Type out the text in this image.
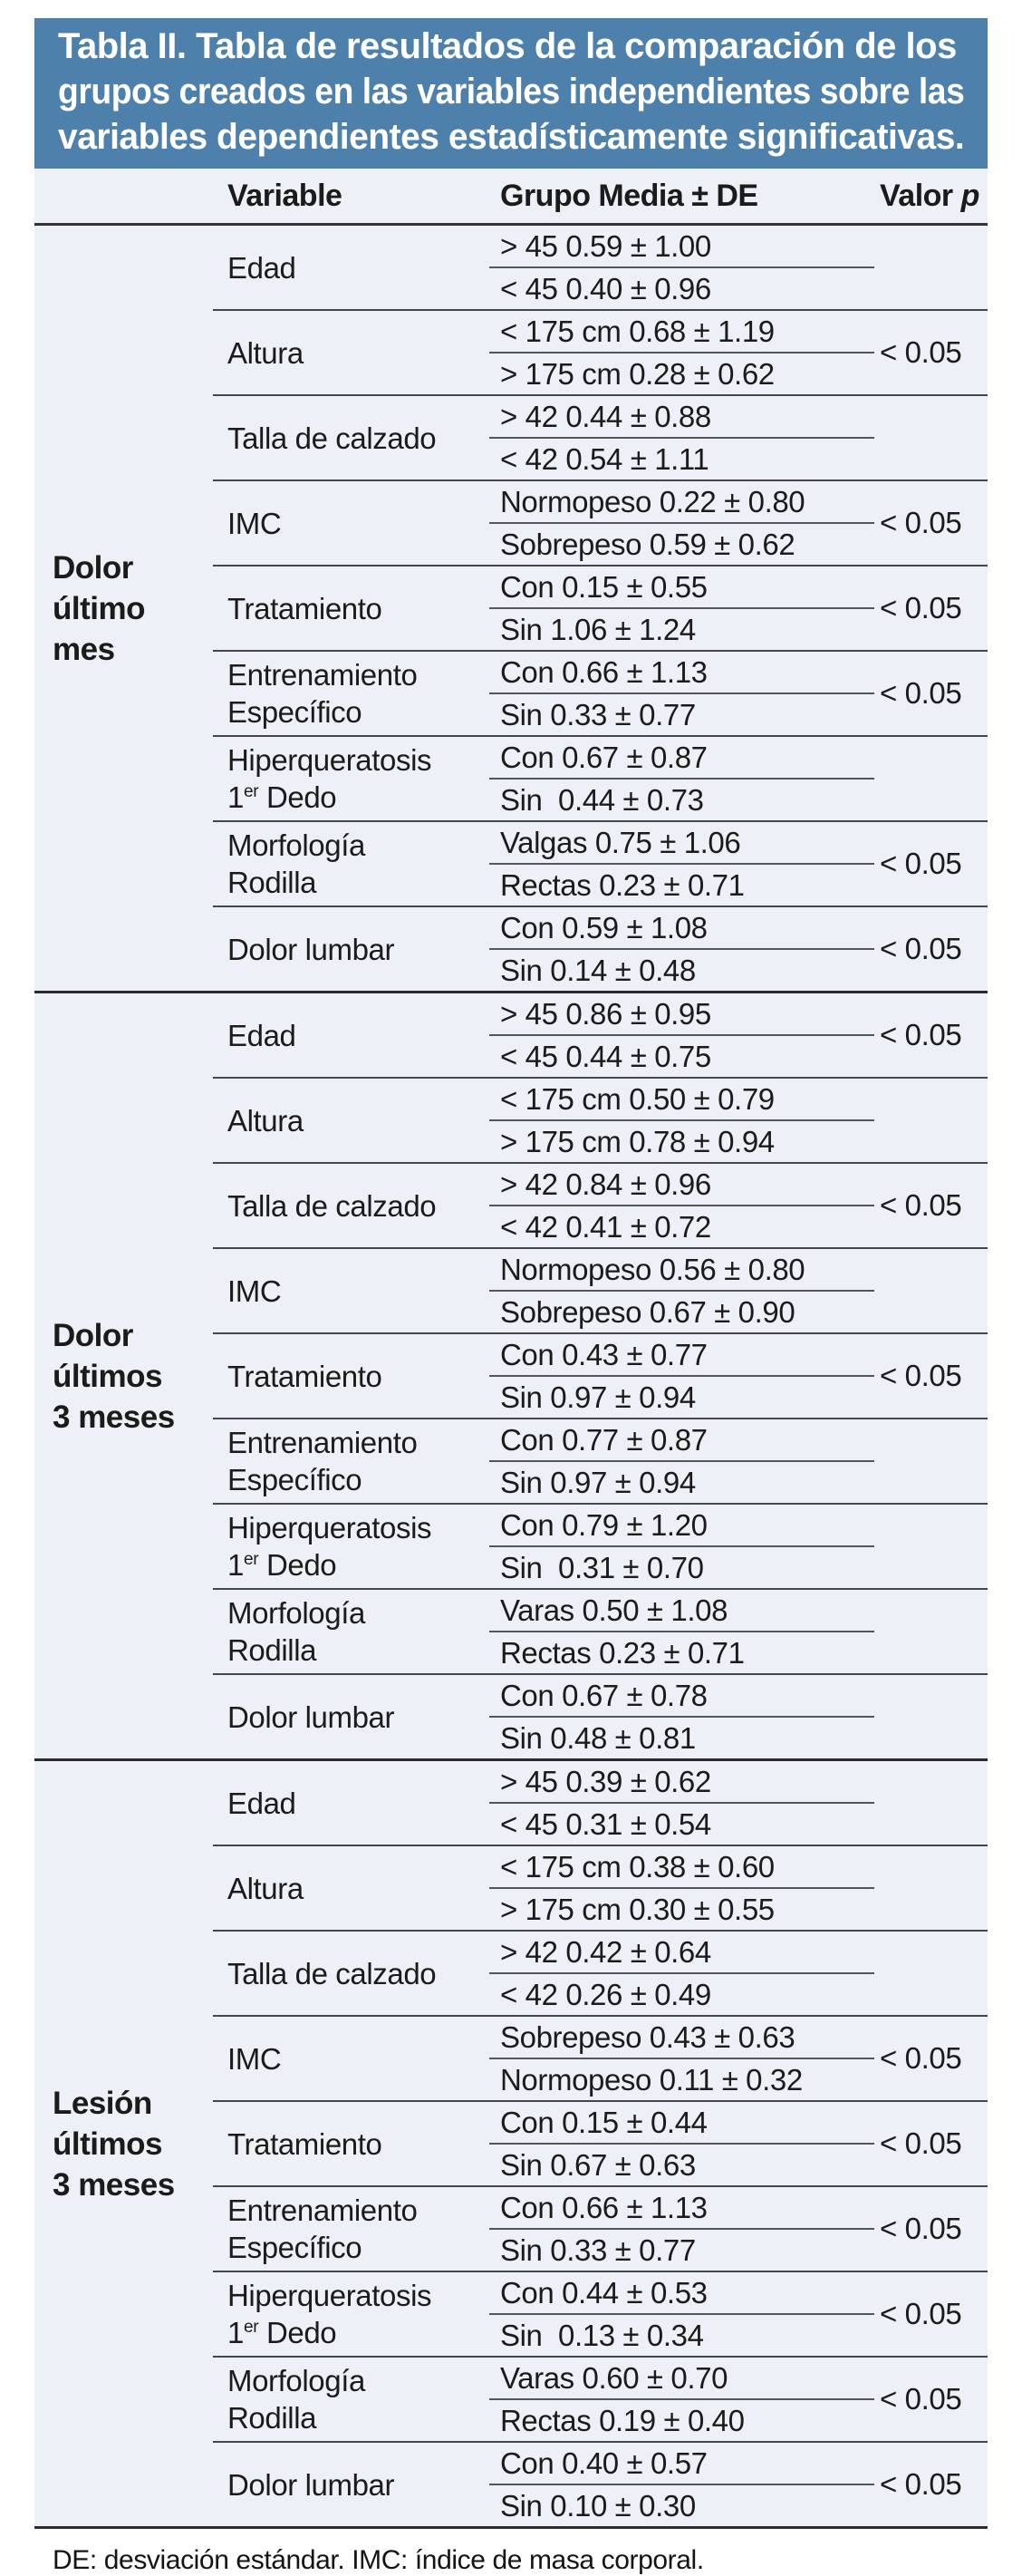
Tabla II. Tabla de resultados de la comparación de los
grupos creados en las variables independientes sobre las
variables dependientes estadísticamente significativas.
	Variable	Grupo Media ± DE	Valor p

Dolor
último
mes	Edad	> 45 0.59 ± 1.00	
		< 45 0.40 ± 0.96	

	Altura	< 175 cm 0.68 ± 1.19	< 0.05
		> 175 cm 0.28 ± 0.62	

	Talla de calzado	> 42 0.44 ± 0.88	
		< 42 0.54 ± 1.11	

	IMC	Normopeso 0.22 ± 0.80	< 0.05
		Sobrepeso 0.59 ± 0.62	

	Tratamiento	Con 0.15 ± 0.55	< 0.05
		Sin 1.06 ± 1.24	

	Entrenamiento
Específico	Con 0.66 ± 1.13	< 0.05
		Sin 0.33 ± 0.77	

	Hiperqueratosis
1er Dedo	Con 0.67 ± 0.87	
		Sin  0.44 ± 0.73	

	Morfología
Rodilla	Valgas 0.75 ± 1.06	< 0.05
		Rectas 0.23 ± 0.71	

	Dolor lumbar	Con 0.59 ± 1.08	< 0.05
		Sin 0.14 ± 0.48	

Dolor
últimos
3 meses	Edad	> 45 0.86 ± 0.95	< 0.05
		< 45 0.44 ± 0.75	

	Altura	< 175 cm 0.50 ± 0.79	
		> 175 cm 0.78 ± 0.94	

	Talla de calzado	> 42 0.84 ± 0.96	< 0.05
		< 42 0.41 ± 0.72	

	IMC	Normopeso 0.56 ± 0.80	
		Sobrepeso 0.67 ± 0.90	

	Tratamiento	Con 0.43 ± 0.77	< 0.05
		Sin 0.97 ± 0.94	

	Entrenamiento
Específico	Con 0.77 ± 0.87	
		Sin 0.97 ± 0.94	

	Hiperqueratosis
1er Dedo	Con 0.79 ± 1.20	
		Sin  0.31 ± 0.70	

	Morfología
Rodilla	Varas 0.50 ± 1.08	
		Rectas 0.23 ± 0.71	

	Dolor lumbar	Con 0.67 ± 0.78	
		Sin 0.48 ± 0.81	

Lesión
últimos
3 meses	Edad	> 45 0.39 ± 0.62	
		< 45 0.31 ± 0.54	

	Altura	< 175 cm 0.38 ± 0.60	
		> 175 cm 0.30 ± 0.55	

	Talla de calzado	> 42 0.42 ± 0.64	
		< 42 0.26 ± 0.49	

	IMC	Sobrepeso 0.43 ± 0.63	< 0.05
		Normopeso 0.11 ± 0.32	

	Tratamiento	Con 0.15 ± 0.44	< 0.05
		Sin 0.67 ± 0.63	

	Entrenamiento
Específico	Con 0.66 ± 1.13	< 0.05
		Sin 0.33 ± 0.77	

	Hiperqueratosis
1er Dedo	Con 0.44 ± 0.53	< 0.05
		Sin  0.13 ± 0.34	

	Morfología
Rodilla	Varas 0.60 ± 0.70	< 0.05
		Rectas 0.19 ± 0.40	

	Dolor lumbar	Con 0.40 ± 0.57	< 0.05
		Sin 0.10 ± 0.30	
DE: desviación estándar. IMC: índice de masa corporal.
